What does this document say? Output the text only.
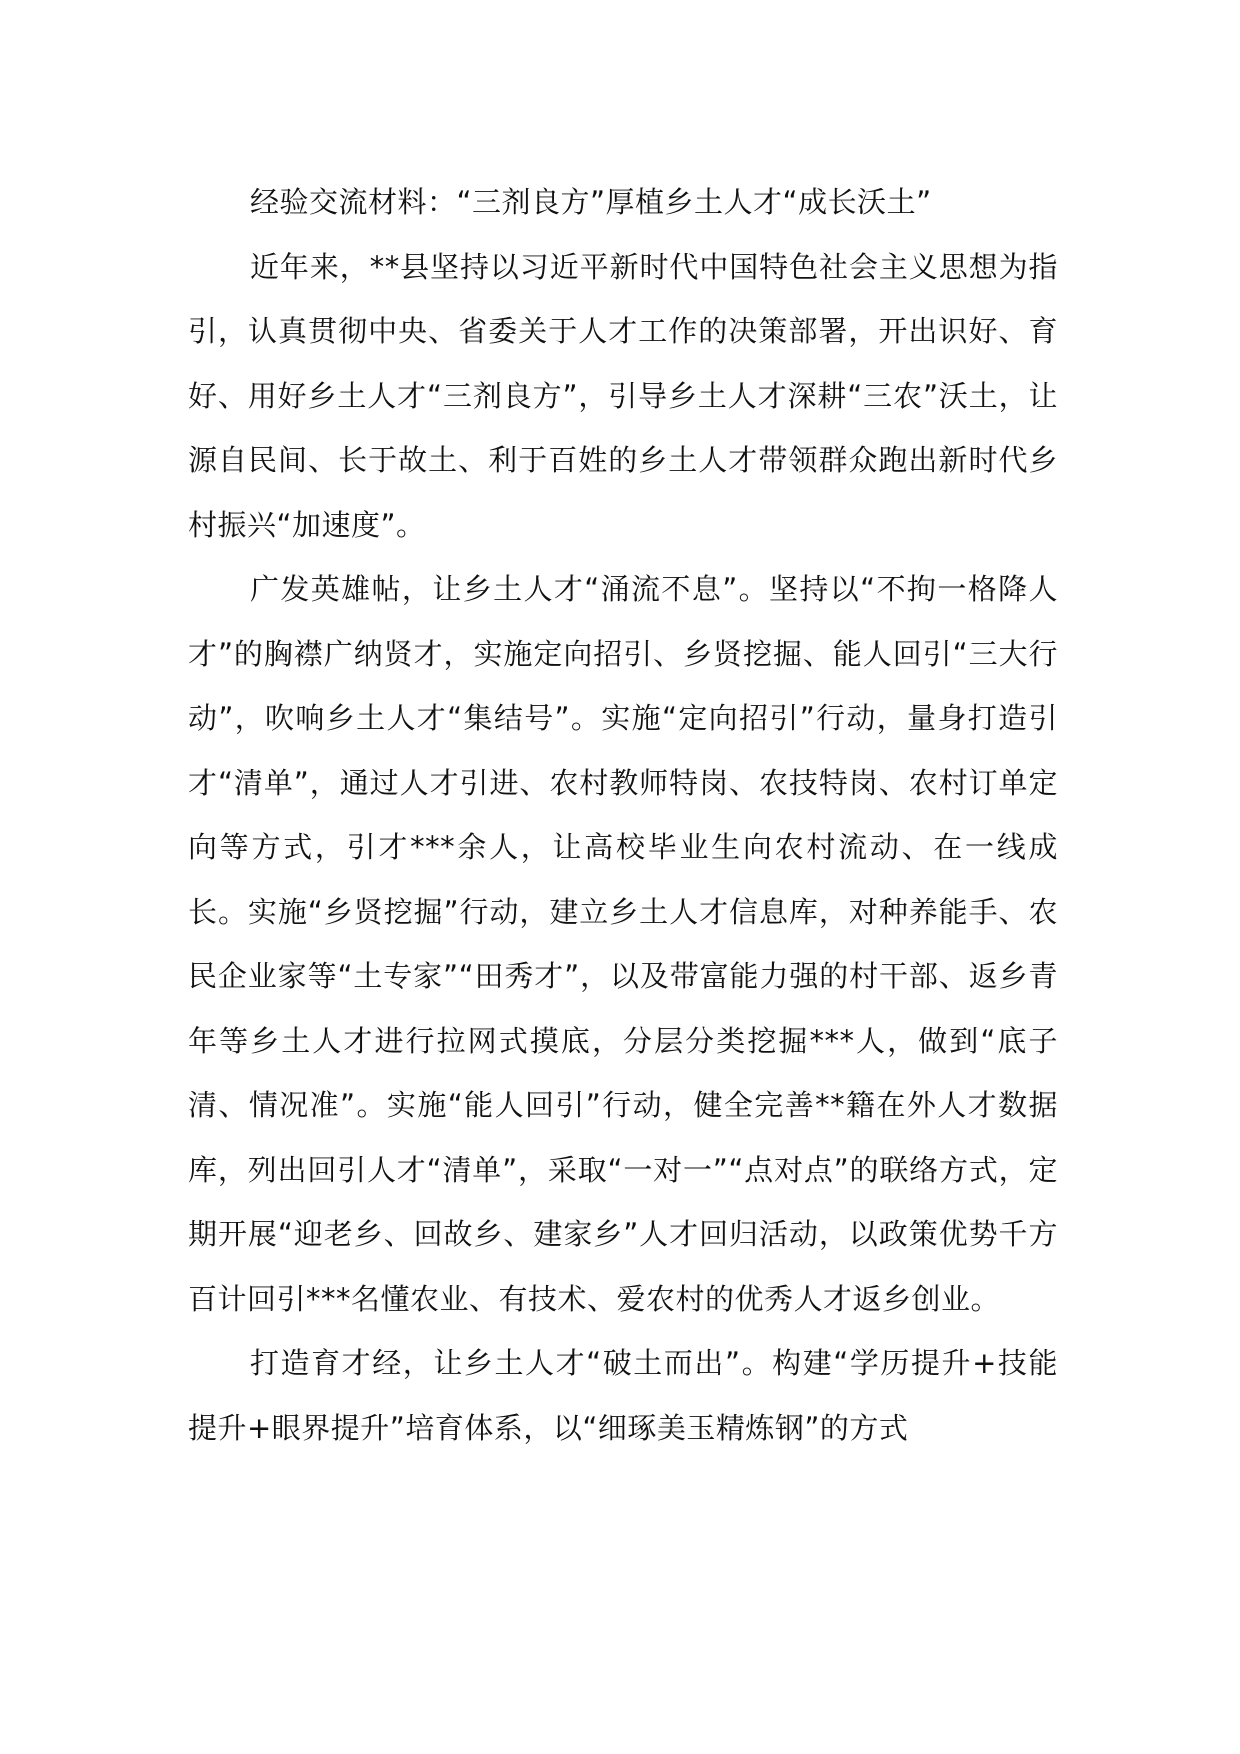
经验交流材料：“三剂良方”厚植乡土人才“成长沃土”

近年来，**县坚持以习近平新时代中国特色社会主义思想为指引，认真贯彻中央、省委关于人才工作的决策部署，开出识好、育好、用好乡土人才“三剂良方”，引导乡土人才深耕“三农”沃土，让源自民间、长于故土、利于百姓的乡土人才带领群众跑出新时代乡村振兴“加速度”。

广发英雄帖，让乡土人才“涌流不息”。坚持以“不拘一格降人才”的胸襟广纳贤才，实施定向招引、乡贤挖掘、能人回引“三大行动”，吹响乡土人才“集结号”。实施“定向招引”行动，量身打造引才“清单”，通过人才引进、农村教师特岗、农技特岗、农村订单定向等方式，引才***余人，让高校毕业生向农村流动、在一线成长。实施“乡贤挖掘”行动，建立乡土人才信息库，对种养能手、农民企业家等“土专家”“田秀才”，以及带富能力强的村干部、返乡青年等乡土人才进行拉网式摸底，分层分类挖掘***人，做到“底子清、情况准”。实施“能人回引”行动，健全完善**籍在外人才数据库，列出回引人才“清单”，采取“一对一”“点对点”的联络方式，定期开展“迎老乡、回故乡、建家乡”人才回归活动，以政策优势千方百计回引***名懂农业、有技术、爱农村的优秀人才返乡创业。

打造育才经，让乡土人才“破土而出”。构建“学历提升+技能提升+眼界提升”培育体系，以“细琢美玉精炼钢”的方式
